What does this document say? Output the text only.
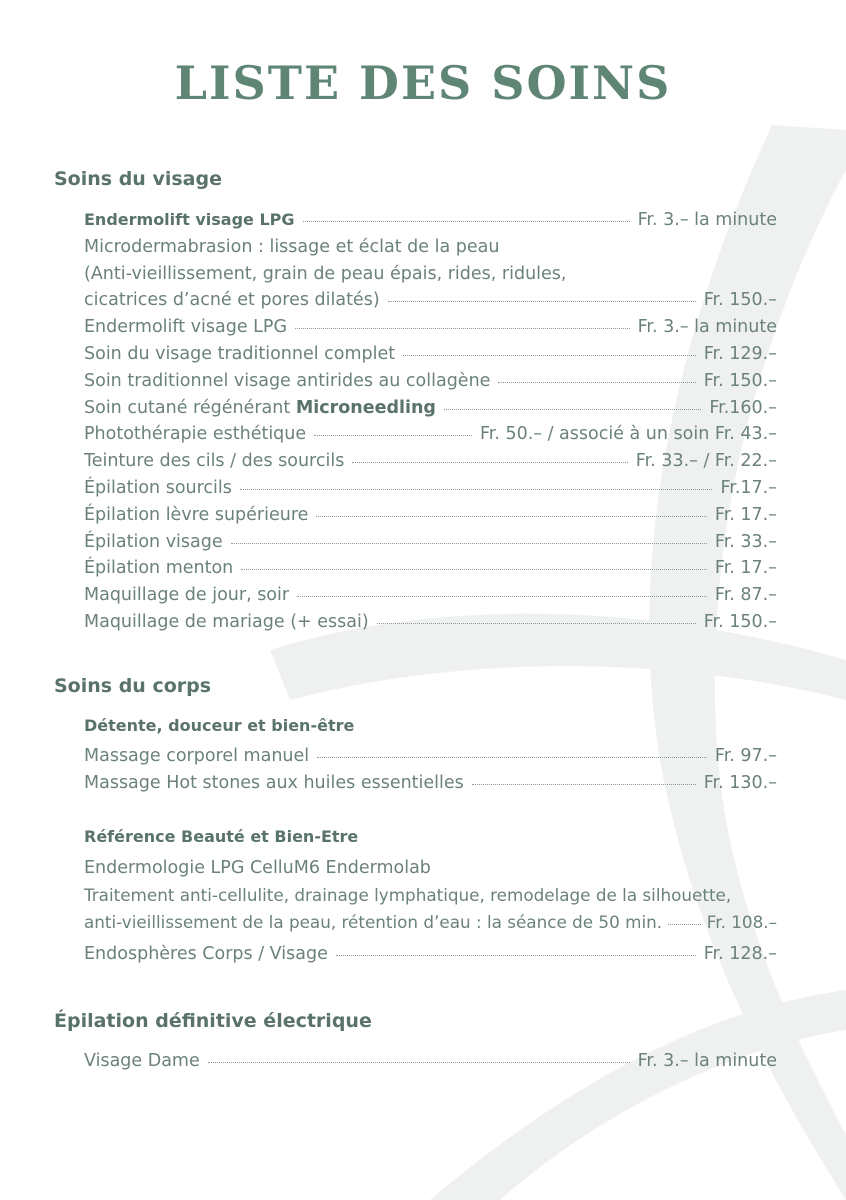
LISTE DES SOINS
Soins du visage
Endermolift visage LPG	Fr. 3.– la minute
Microdermabrasion : lissage et éclat de la peau
(Anti-vieillissement, grain de peau épais, rides, ridules,
cicatrices d’acné et pores dilatés)	Fr. 150.–
Endermolift visage LPG	Fr. 3.– la minute
Soin du visage traditionnel complet	Fr. 129.–
Soin traditionnel visage antirides au collagène	Fr. 150.–
Soin cutané régénérant Microneedling	Fr.160.–
Photothérapie esthétique	Fr. 50.– / associé à un soin Fr. 43.–
Teinture des cils / des sourcils	Fr. 33.– / Fr. 22.–
Épilation sourcils	Fr.17.–
Épilation lèvre supérieure	Fr. 17.–
Épilation visage	Fr. 33.–
Épilation menton	Fr. 17.–
Maquillage de jour, soir	Fr. 87.–
Maquillage de mariage (+ essai)	Fr. 150.–
Soins du corps
Détente, douceur et bien-être
Massage corporel manuel	Fr. 97.–
Massage Hot stones aux huiles essentielles	Fr. 130.–
Référence Beauté et Bien-Etre
Endermologie LPG CelluM6 Endermolab
Traitement anti-cellulite, drainage lymphatique, remodelage de la silhouette,
anti-vieillissement de la peau, rétention d’eau : la séance de 50 min.	Fr. 108.–
Endosphères Corps / Visage	Fr. 128.–
Épilation définitive électrique
Visage Dame	Fr. 3.– la minute
